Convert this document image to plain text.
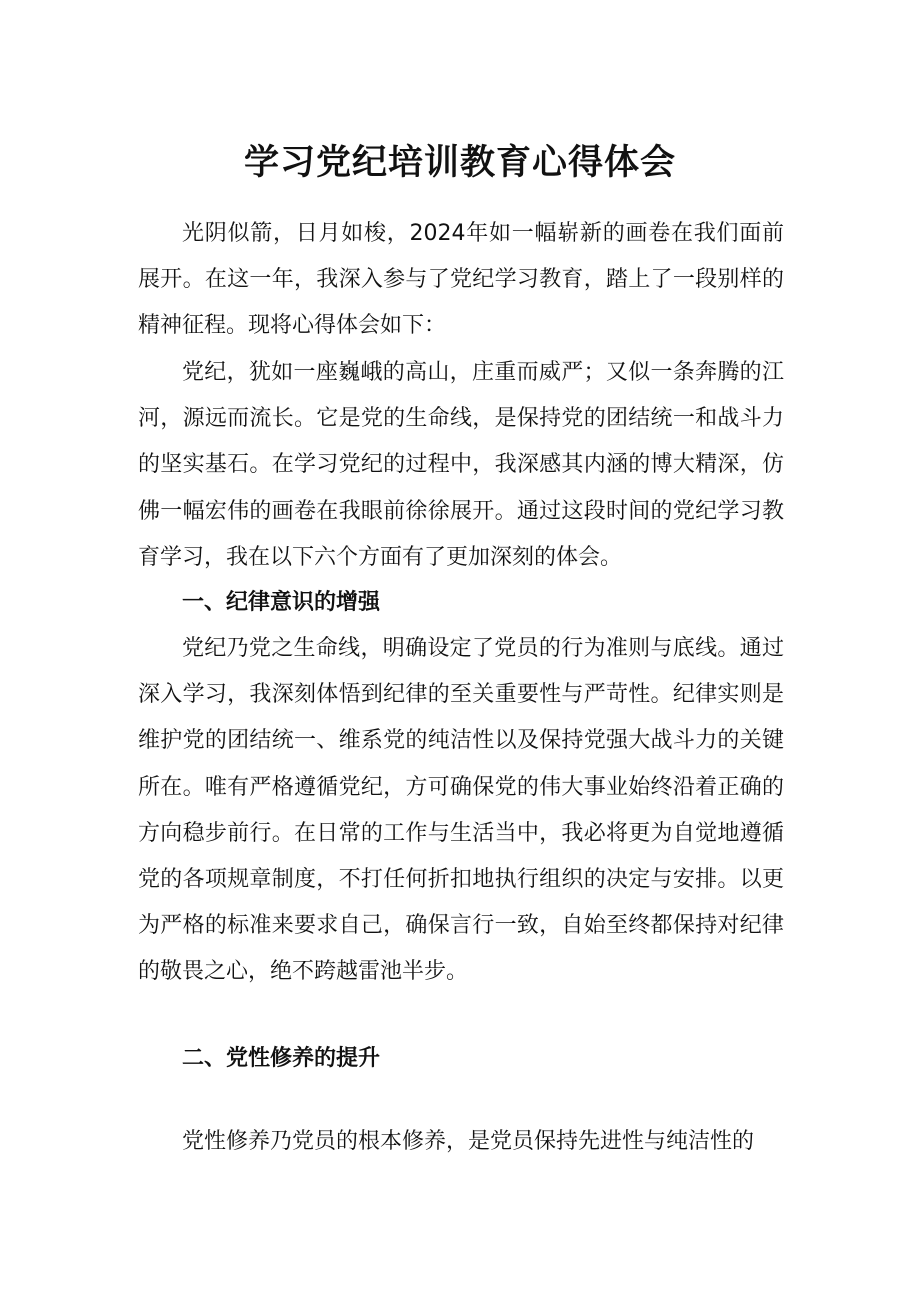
学习党纪培训教育心得体会

光阴似箭，日月如梭，2024年如一幅崭新的画卷在我们面前展开。在这一年，我深入参与了党纪学习教育，踏上了一段别样的精神征程。现将心得体会如下：

党纪，犹如一座巍峨的高山，庄重而威严；又似一条奔腾的江河，源远而流长。它是党的生命线，是保持党的团结统一和战斗力的坚实基石。在学习党纪的过程中，我深感其内涵的博大精深，仿佛一幅宏伟的画卷在我眼前徐徐展开。通过这段时间的党纪学习教育学习，我在以下六个方面有了更加深刻的体会。

一、纪律意识的增强

党纪乃党之生命线，明确设定了党员的行为准则与底线。通过深入学习，我深刻体悟到纪律的至关重要性与严苛性。纪律实则是维护党的团结统一、维系党的纯洁性以及保持党强大战斗力的关键所在。唯有严格遵循党纪，方可确保党的伟大事业始终沿着正确的方向稳步前行。在日常的工作与生活当中，我必将更为自觉地遵循党的各项规章制度，不打任何折扣地执行组织的决定与安排。以更为严格的标准来要求自己，确保言行一致，自始至终都保持对纪律的敬畏之心，绝不跨越雷池半步。

二、党性修养的提升

党性修养乃党员的根本修养，是党员保持先进性与纯洁性的
